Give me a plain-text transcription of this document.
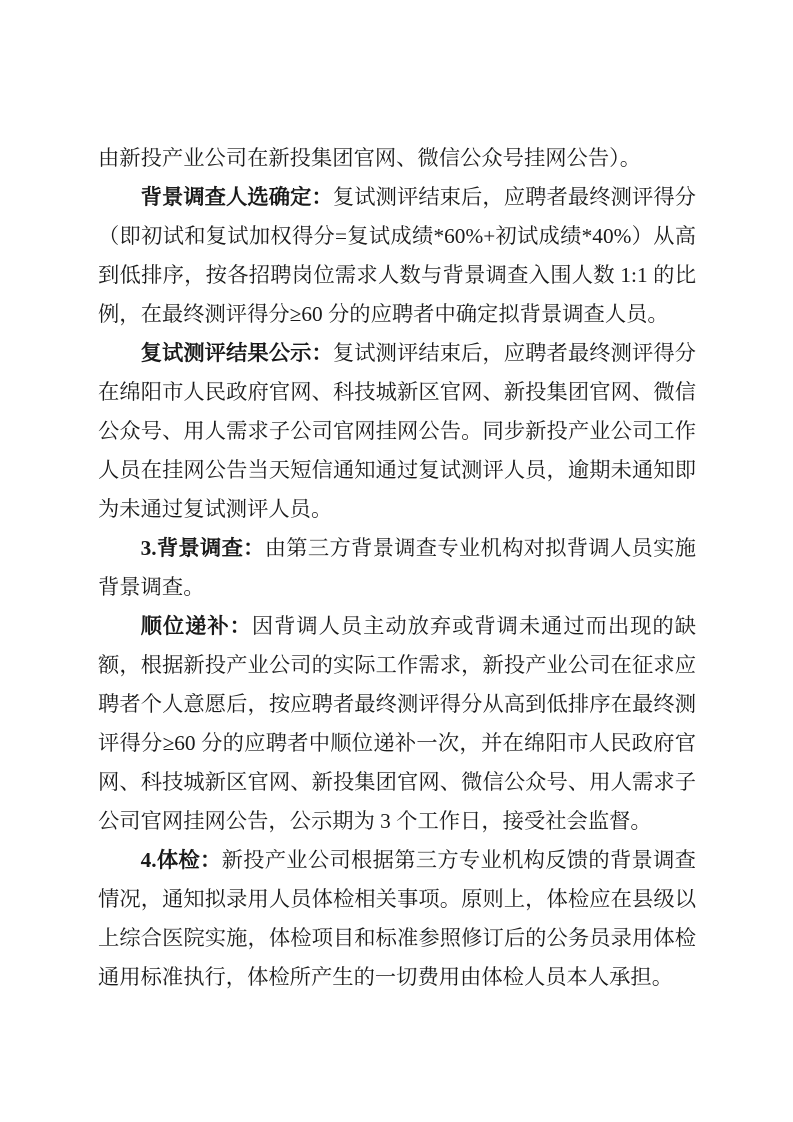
由新投产业公司在新投集团官网、微信公众号挂网公告）。

背景调查人选确定：复试测评结束后，应聘者最终测评得分（即初试和复试加权得分=复试成绩*60%+初试成绩*40%）从高到低排序，按各招聘岗位需求人数与背景调查入围人数 1:1 的比例，在最终测评得分≥60 分的应聘者中确定拟背景调查人员。

复试测评结果公示：复试测评结束后，应聘者最终测评得分在绵阳市人民政府官网、科技城新区官网、新投集团官网、微信公众号、用人需求子公司官网挂网公告。同步新投产业公司工作人员在挂网公告当天短信通知通过复试测评人员，逾期未通知即为未通过复试测评人员。

3.背景调查：由第三方背景调查专业机构对拟背调人员实施背景调查。

顺位递补：因背调人员主动放弃或背调未通过而出现的缺额，根据新投产业公司的实际工作需求，新投产业公司在征求应聘者个人意愿后，按应聘者最终测评得分从高到低排序在最终测评得分≥60 分的应聘者中顺位递补一次，并在绵阳市人民政府官网、科技城新区官网、新投集团官网、微信公众号、用人需求子公司官网挂网公告，公示期为 3 个工作日，接受社会监督。

4.体检：新投产业公司根据第三方专业机构反馈的背景调查情况，通知拟录用人员体检相关事项。原则上，体检应在县级以上综合医院实施，体检项目和标准参照修订后的公务员录用体检通用标准执行，体检所产生的一切费用由体检人员本人承担。
